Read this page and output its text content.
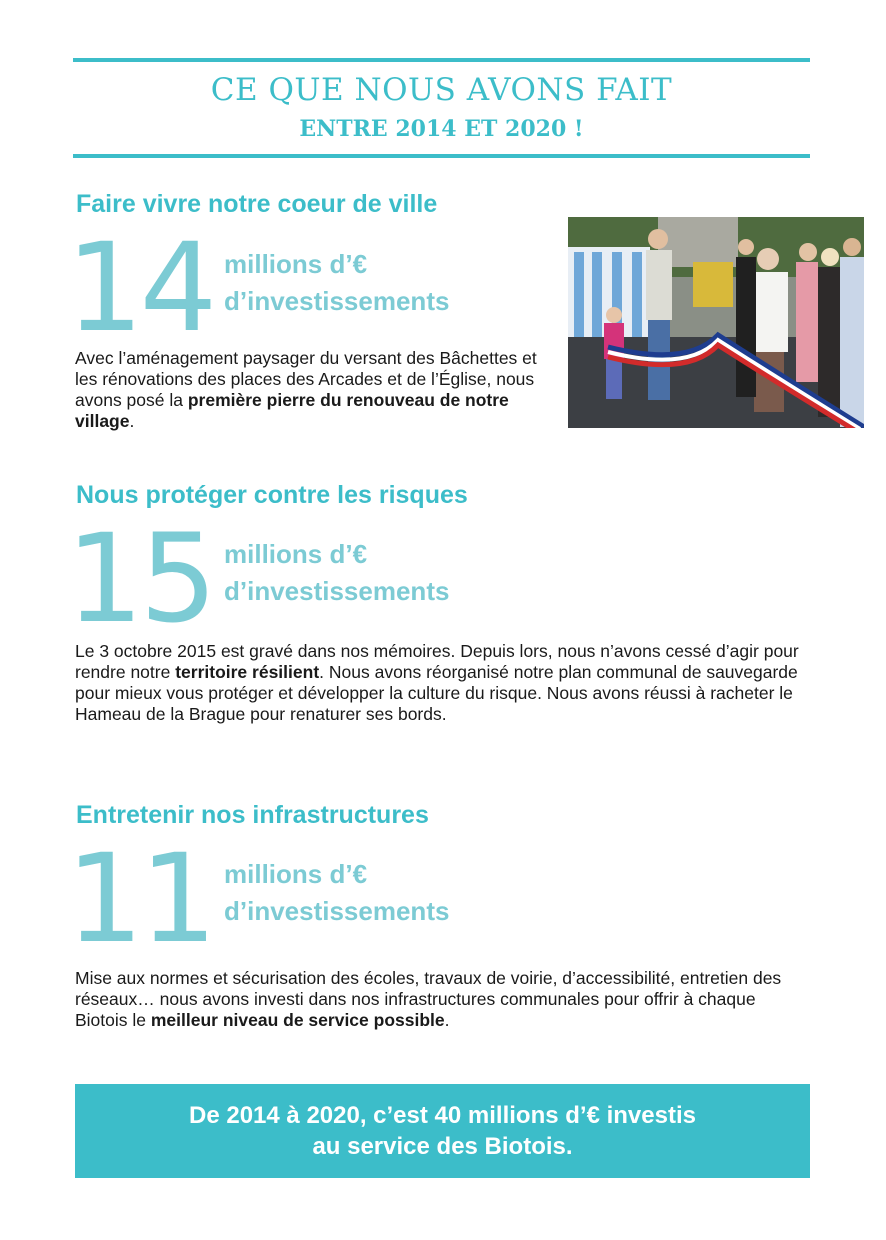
CE QUE NOUS AVONS FAIT
ENTRE 2014 ET 2020 !
Faire vivre notre coeur de ville
14 millions d’€
d’investissements
Avec l’aménagement paysager du versant des Bâchettes et les rénovations des places des Arcades et de l’Église, nous avons posé la première pierre du renouveau de notre village.
Nous protéger contre les risques
15 millions d’€
d’investissements
Le 3 octobre 2015 est gravé dans nos mémoires. Depuis lors, nous n’avons cessé d’agir pour rendre notre territoire résilient. Nous avons réorganisé notre plan communal de sauvegarde pour mieux vous protéger et développer la culture du risque. Nous avons réussi à racheter le Hameau de la Brague pour renaturer ses bords.
Entretenir nos infrastructures
11 millions d’€
d’investissements
Mise aux normes et sécurisation des écoles, travaux de voirie, d’accessibilité, entretien des réseaux… nous avons investi dans nos infrastructures communales pour offrir à chaque Biotois le meilleur niveau de service possible.
De 2014 à 2020, c’est 40 millions d’€ investis
au service des Biotois.
